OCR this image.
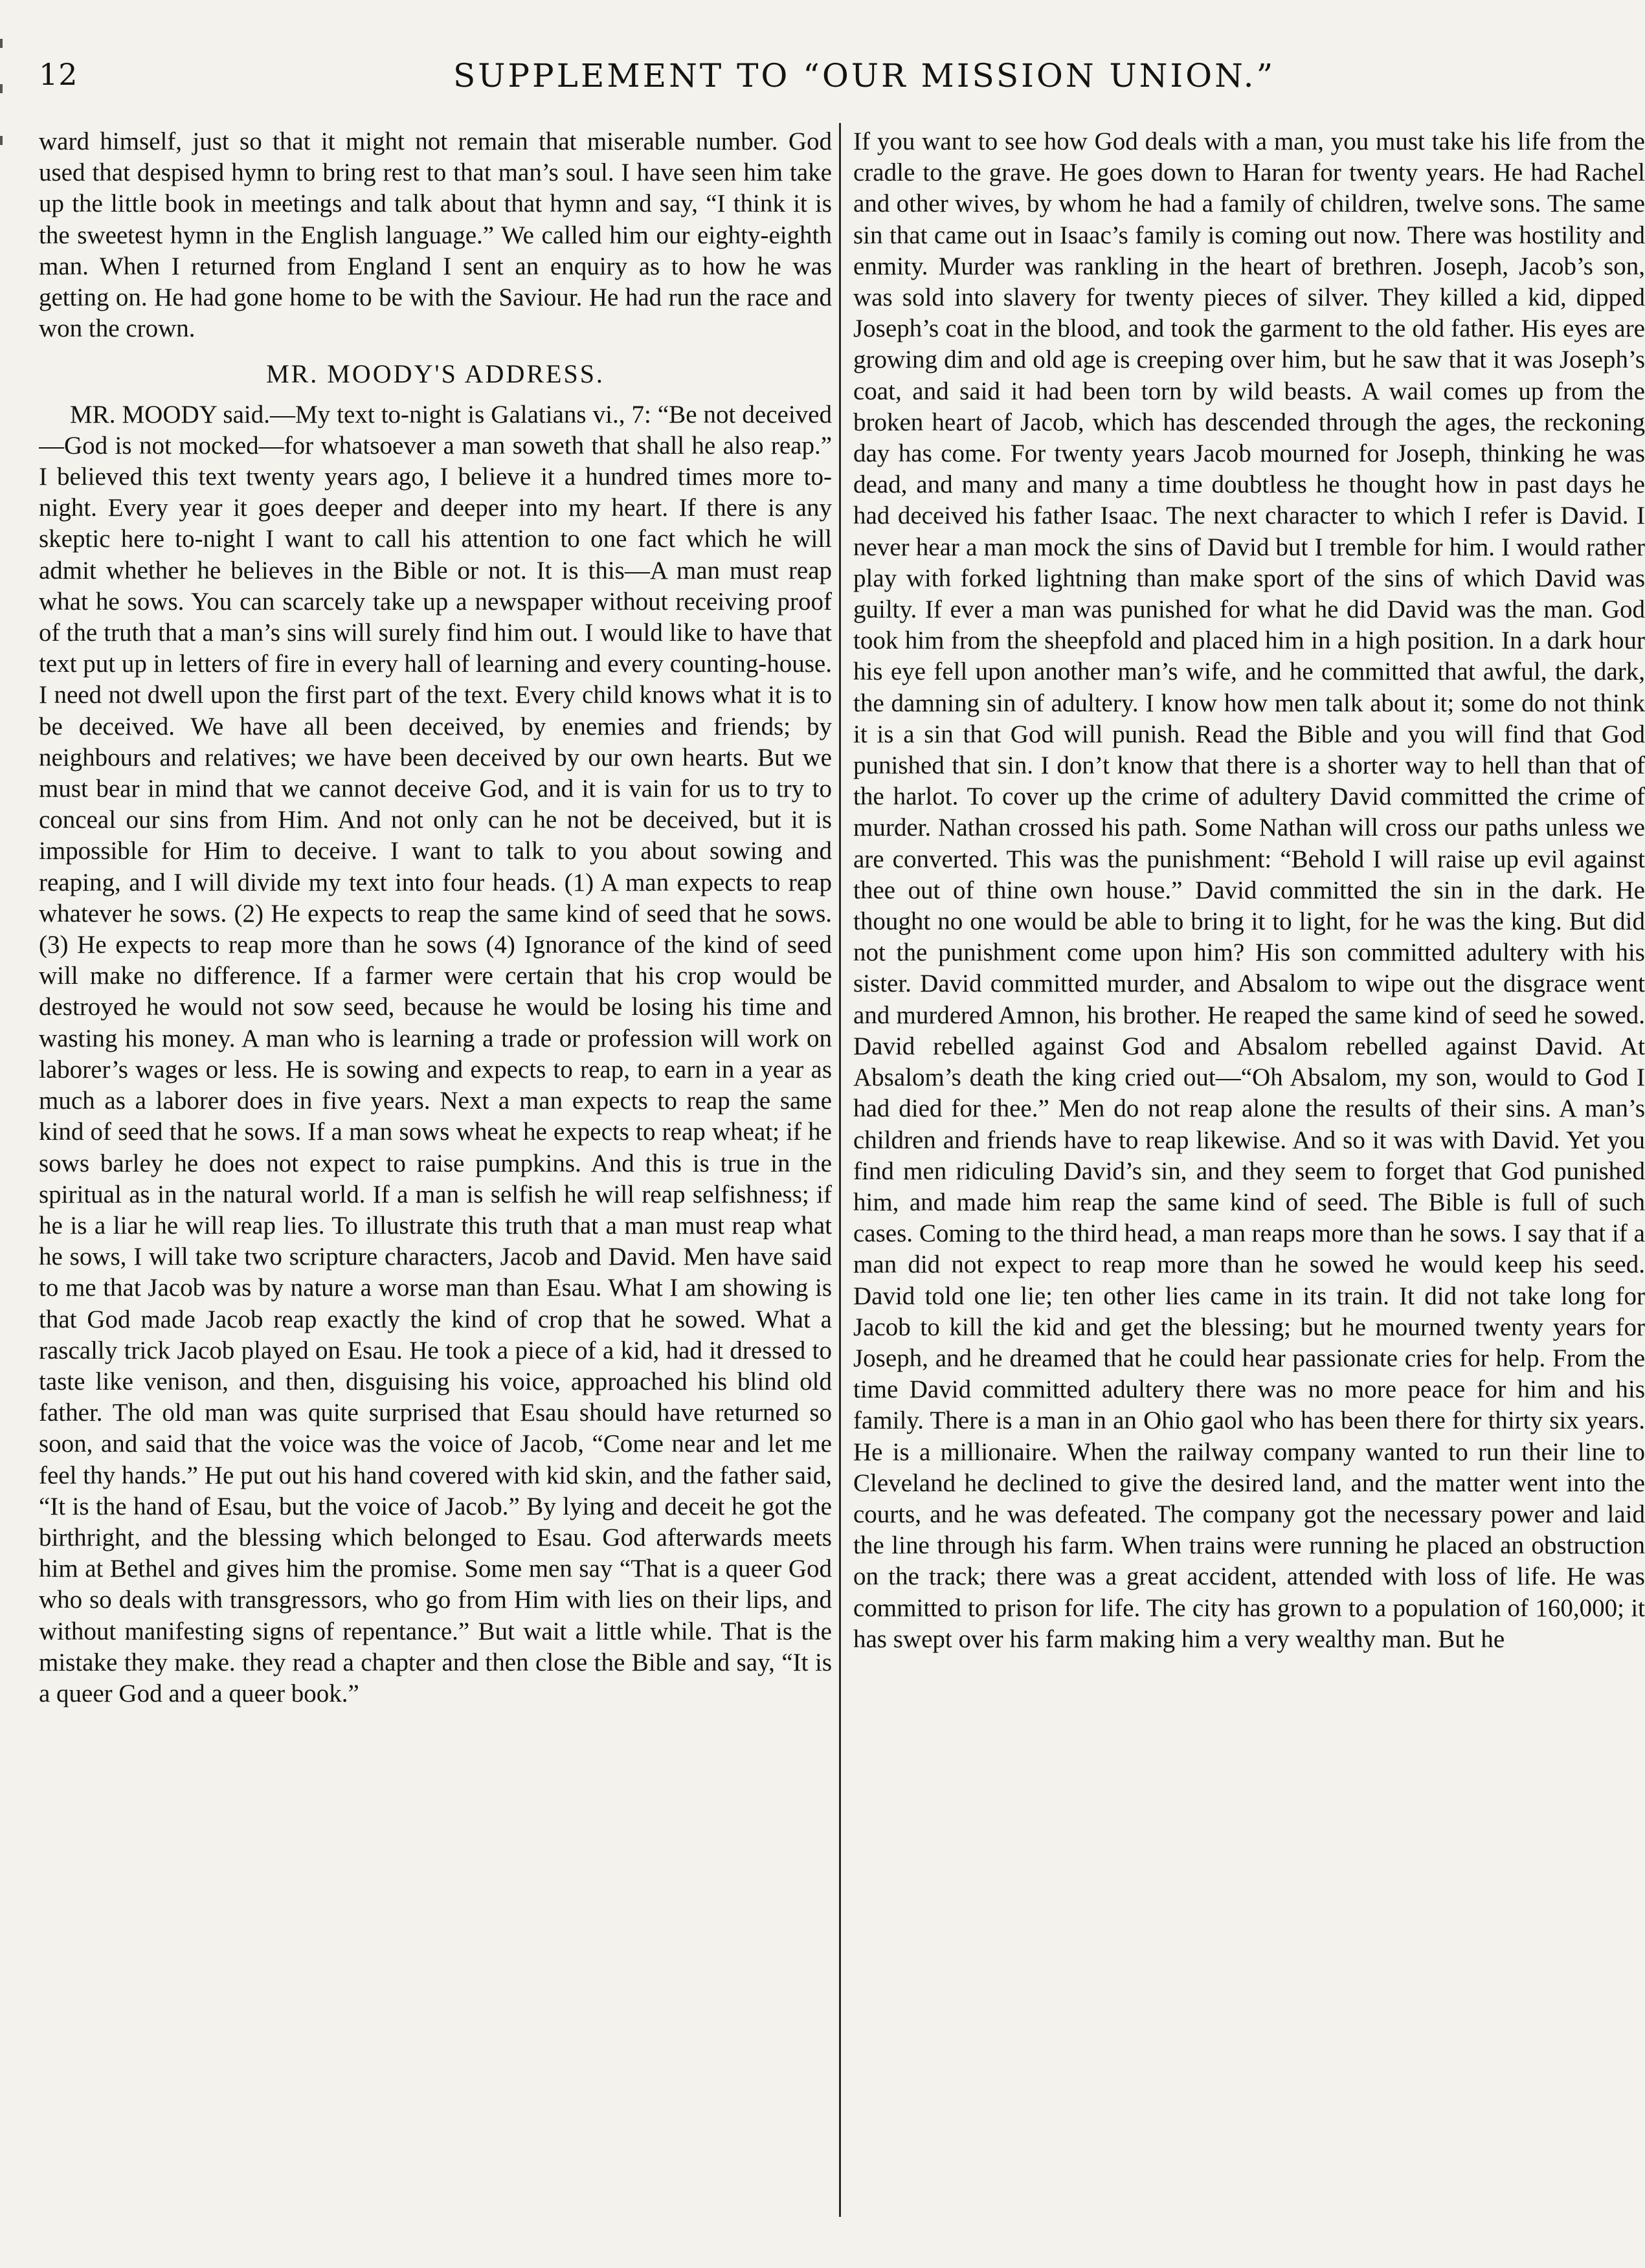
12	SUPPLEMENT TO “OUR MISSION UNION.”

ward himself, just so that it might not remain that miserable number. God used that despised hymn to bring rest to that man’s soul. I have seen him take up the little book in meetings and talk about that hymn and say, “I think it is the sweetest hymn in the English language.” We called him our eighty-eighth man. When I returned from England I sent an enquiry as to how he was getting on. He had gone home to be with the Saviour. He had run the race and won the crown.

MR. MOODY'S ADDRESS.

MR. MOODY said.—My text to-night is Galatians vi., 7: “Be not deceived—God is not mocked—for whatsoever a man soweth that shall he also reap.” I believed this text twenty years ago, I believe it a hundred times more to-night. Every year it goes deeper and deeper into my heart. If there is any skeptic here to-night I want to call his attention to one fact which he will admit whether he believes in the Bible or not. It is this—A man must reap what he sows. You can scarcely take up a newspaper without receiving proof of the truth that a man’s sins will surely find him out. I would like to have that text put up in letters of fire in every hall of learning and every counting-house. I need not dwell upon the first part of the text. Every child knows what it is to be deceived. We have all been deceived, by enemies and friends; by neighbours and relatives; we have been deceived by our own hearts. But we must bear in mind that we cannot deceive God, and it is vain for us to try to conceal our sins from Him. And not only can he not be deceived, but it is impossible for Him to deceive. I want to talk to you about sowing and reaping, and I will divide my text into four heads. (1) A man expects to reap whatever he sows. (2) He expects to reap the same kind of seed that he sows. (3) He expects to reap more than he sows (4) Ignorance of the kind of seed will make no difference. If a farmer were certain that his crop would be destroyed he would not sow seed, because he would be losing his time and wasting his money. A man who is learning a trade or profession will work on laborer’s wages or less. He is sowing and expects to reap, to earn in a year as much as a laborer does in five years. Next a man expects to reap the same kind of seed that he sows. If a man sows wheat he expects to reap wheat; if he sows barley he does not expect to raise pumpkins. And this is true in the spiritual as in the natural world. If a man is selfish he will reap selfishness; if he is a liar he will reap lies. To illustrate this truth that a man must reap what he sows, I will take two scripture characters, Jacob and David. Men have said to me that Jacob was by nature a worse man than Esau. What I am showing is that God made Jacob reap exactly the kind of crop that he sowed. What a rascally trick Jacob played on Esau. He took a piece of a kid, had it dressed to taste like venison, and then, disguising his voice, approached his blind old father. The old man was quite surprised that Esau should have returned so soon, and said that the voice was the voice of Jacob, “Come near and let me feel thy hands.” He put out his hand covered with kid skin, and the father said, “It is the hand of Esau, but the voice of Jacob.” By lying and deceit he got the birthright, and the blessing which belonged to Esau. God afterwards meets him at Bethel and gives him the promise. Some men say “That is a queer God who so deals with transgressors, who go from Him with lies on their lips, and without manifesting signs of repentance.” But wait a little while. That is the mistake they make. they read a chapter and then close the Bible and say, “It is a queer God and a queer book.”

If you want to see how God deals with a man, you must take his life from the cradle to the grave. He goes down to Haran for twenty years. He had Rachel and other wives, by whom he had a family of children, twelve sons. The same sin that came out in Isaac’s family is coming out now. There was hostility and enmity. Murder was rankling in the heart of brethren. Joseph, Jacob’s son, was sold into slavery for twenty pieces of silver. They killed a kid, dipped Joseph’s coat in the blood, and took the garment to the old father. His eyes are growing dim and old age is creeping over him, but he saw that it was Joseph’s coat, and said it had been torn by wild beasts. A wail comes up from the broken heart of Jacob, which has descended through the ages, the reckoning day has come. For twenty years Jacob mourned for Joseph, thinking he was dead, and many and many a time doubtless he thought how in past days he had deceived his father Isaac. The next character to which I refer is David. I never hear a man mock the sins of David but I tremble for him. I would rather play with forked lightning than make sport of the sins of which David was guilty. If ever a man was punished for what he did David was the man. God took him from the sheepfold and placed him in a high position. In a dark hour his eye fell upon another man’s wife, and he committed that awful, the dark, the damning sin of adultery. I know how men talk about it; some do not think it is a sin that God will punish. Read the Bible and you will find that God punished that sin. I don’t know that there is a shorter way to hell than that of the harlot. To cover up the crime of adultery David committed the crime of murder. Nathan crossed his path. Some Nathan will cross our paths unless we are converted. This was the punishment: “Behold I will raise up evil against thee out of thine own house.” David committed the sin in the dark. He thought no one would be able to bring it to light, for he was the king. But did not the punishment come upon him? His son committed adultery with his sister. David committed murder, and Absalom to wipe out the disgrace went and murdered Amnon, his brother. He reaped the same kind of seed he sowed. David rebelled against God and Absalom rebelled against David. At Absalom’s death the king cried out—“Oh Absalom, my son, would to God I had died for thee.” Men do not reap alone the results of their sins. A man’s children and friends have to reap likewise. And so it was with David. Yet you find men ridiculing David’s sin, and they seem to forget that God punished him, and made him reap the same kind of seed. The Bible is full of such cases. Coming to the third head, a man reaps more than he sows. I say that if a man did not expect to reap more than he sowed he would keep his seed. David told one lie; ten other lies came in its train. It did not take long for Jacob to kill the kid and get the blessing; but he mourned twenty years for Joseph, and he dreamed that he could hear passionate cries for help. From the time David committed adultery there was no more peace for him and his family. There is a man in an Ohio gaol who has been there for thirty six years. He is a millionaire. When the railway company wanted to run their line to Cleveland he declined to give the desired land, and the matter went into the courts, and he was defeated. The company got the necessary power and laid the line through his farm. When trains were running he placed an obstruction on the track; there was a great accident, attended with loss of life. He was committed to prison for life. The city has grown to a population of 160,000; it has swept over his farm making him a very wealthy man. But he
